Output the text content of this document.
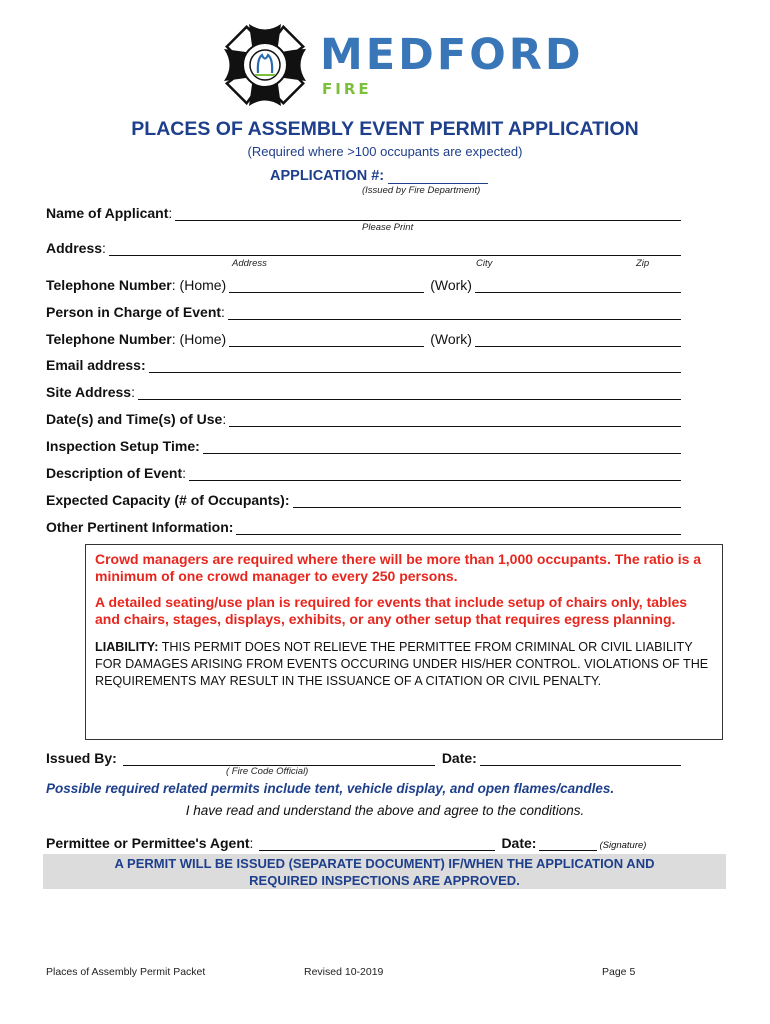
MEDFORD
FIRE
PLACES OF ASSEMBLY EVENT PERMIT APPLICATION
(Required where >100 occupants are expected)
APPLICATION #:
(Issued by Fire Department)
Name of Applicant:
Please Print
Address:
Address	City	Zip
Telephone Number: (Home)	(Work)
Person in Charge of Event:
Telephone Number: (Home)	(Work)
Email address:
Site Address:
Date(s) and Time(s) of Use:
Inspection Setup Time:
Description of Event:
Expected Capacity (# of Occupants):
Other Pertinent Information:

Crowd managers are required where there will be more than 1,000 occupants. The ratio is a minimum of one crowd manager to every 250 persons.

A detailed seating/use plan is required for events that include setup of chairs only, tables and chairs, stages, displays, exhibits, or any other setup that requires egress planning.

LIABILITY: THIS PERMIT DOES NOT RELIEVE THE PERMITTEE FROM CRIMINAL OR CIVIL LIABILITY FOR DAMAGES ARISING FROM EVENTS OCCURING UNDER HIS/HER CONTROL. VIOLATIONS OF THE REQUIREMENTS MAY RESULT IN THE ISSUANCE OF A CITATION OR CIVIL PENALTY.

Issued By:	Date:
( Fire Code Official)
Possible required related permits include tent, vehicle display, and open flames/candles.
I have read and understand the above and agree to the conditions.
Permittee or Permittee's Agent:	Date:	(Signature)
A PERMIT WILL BE ISSUED (SEPARATE DOCUMENT) IF/WHEN THE APPLICATION AND
REQUIRED INSPECTIONS ARE APPROVED.
Places of Assembly Permit Packet	Revised 10-2019	Page 5
